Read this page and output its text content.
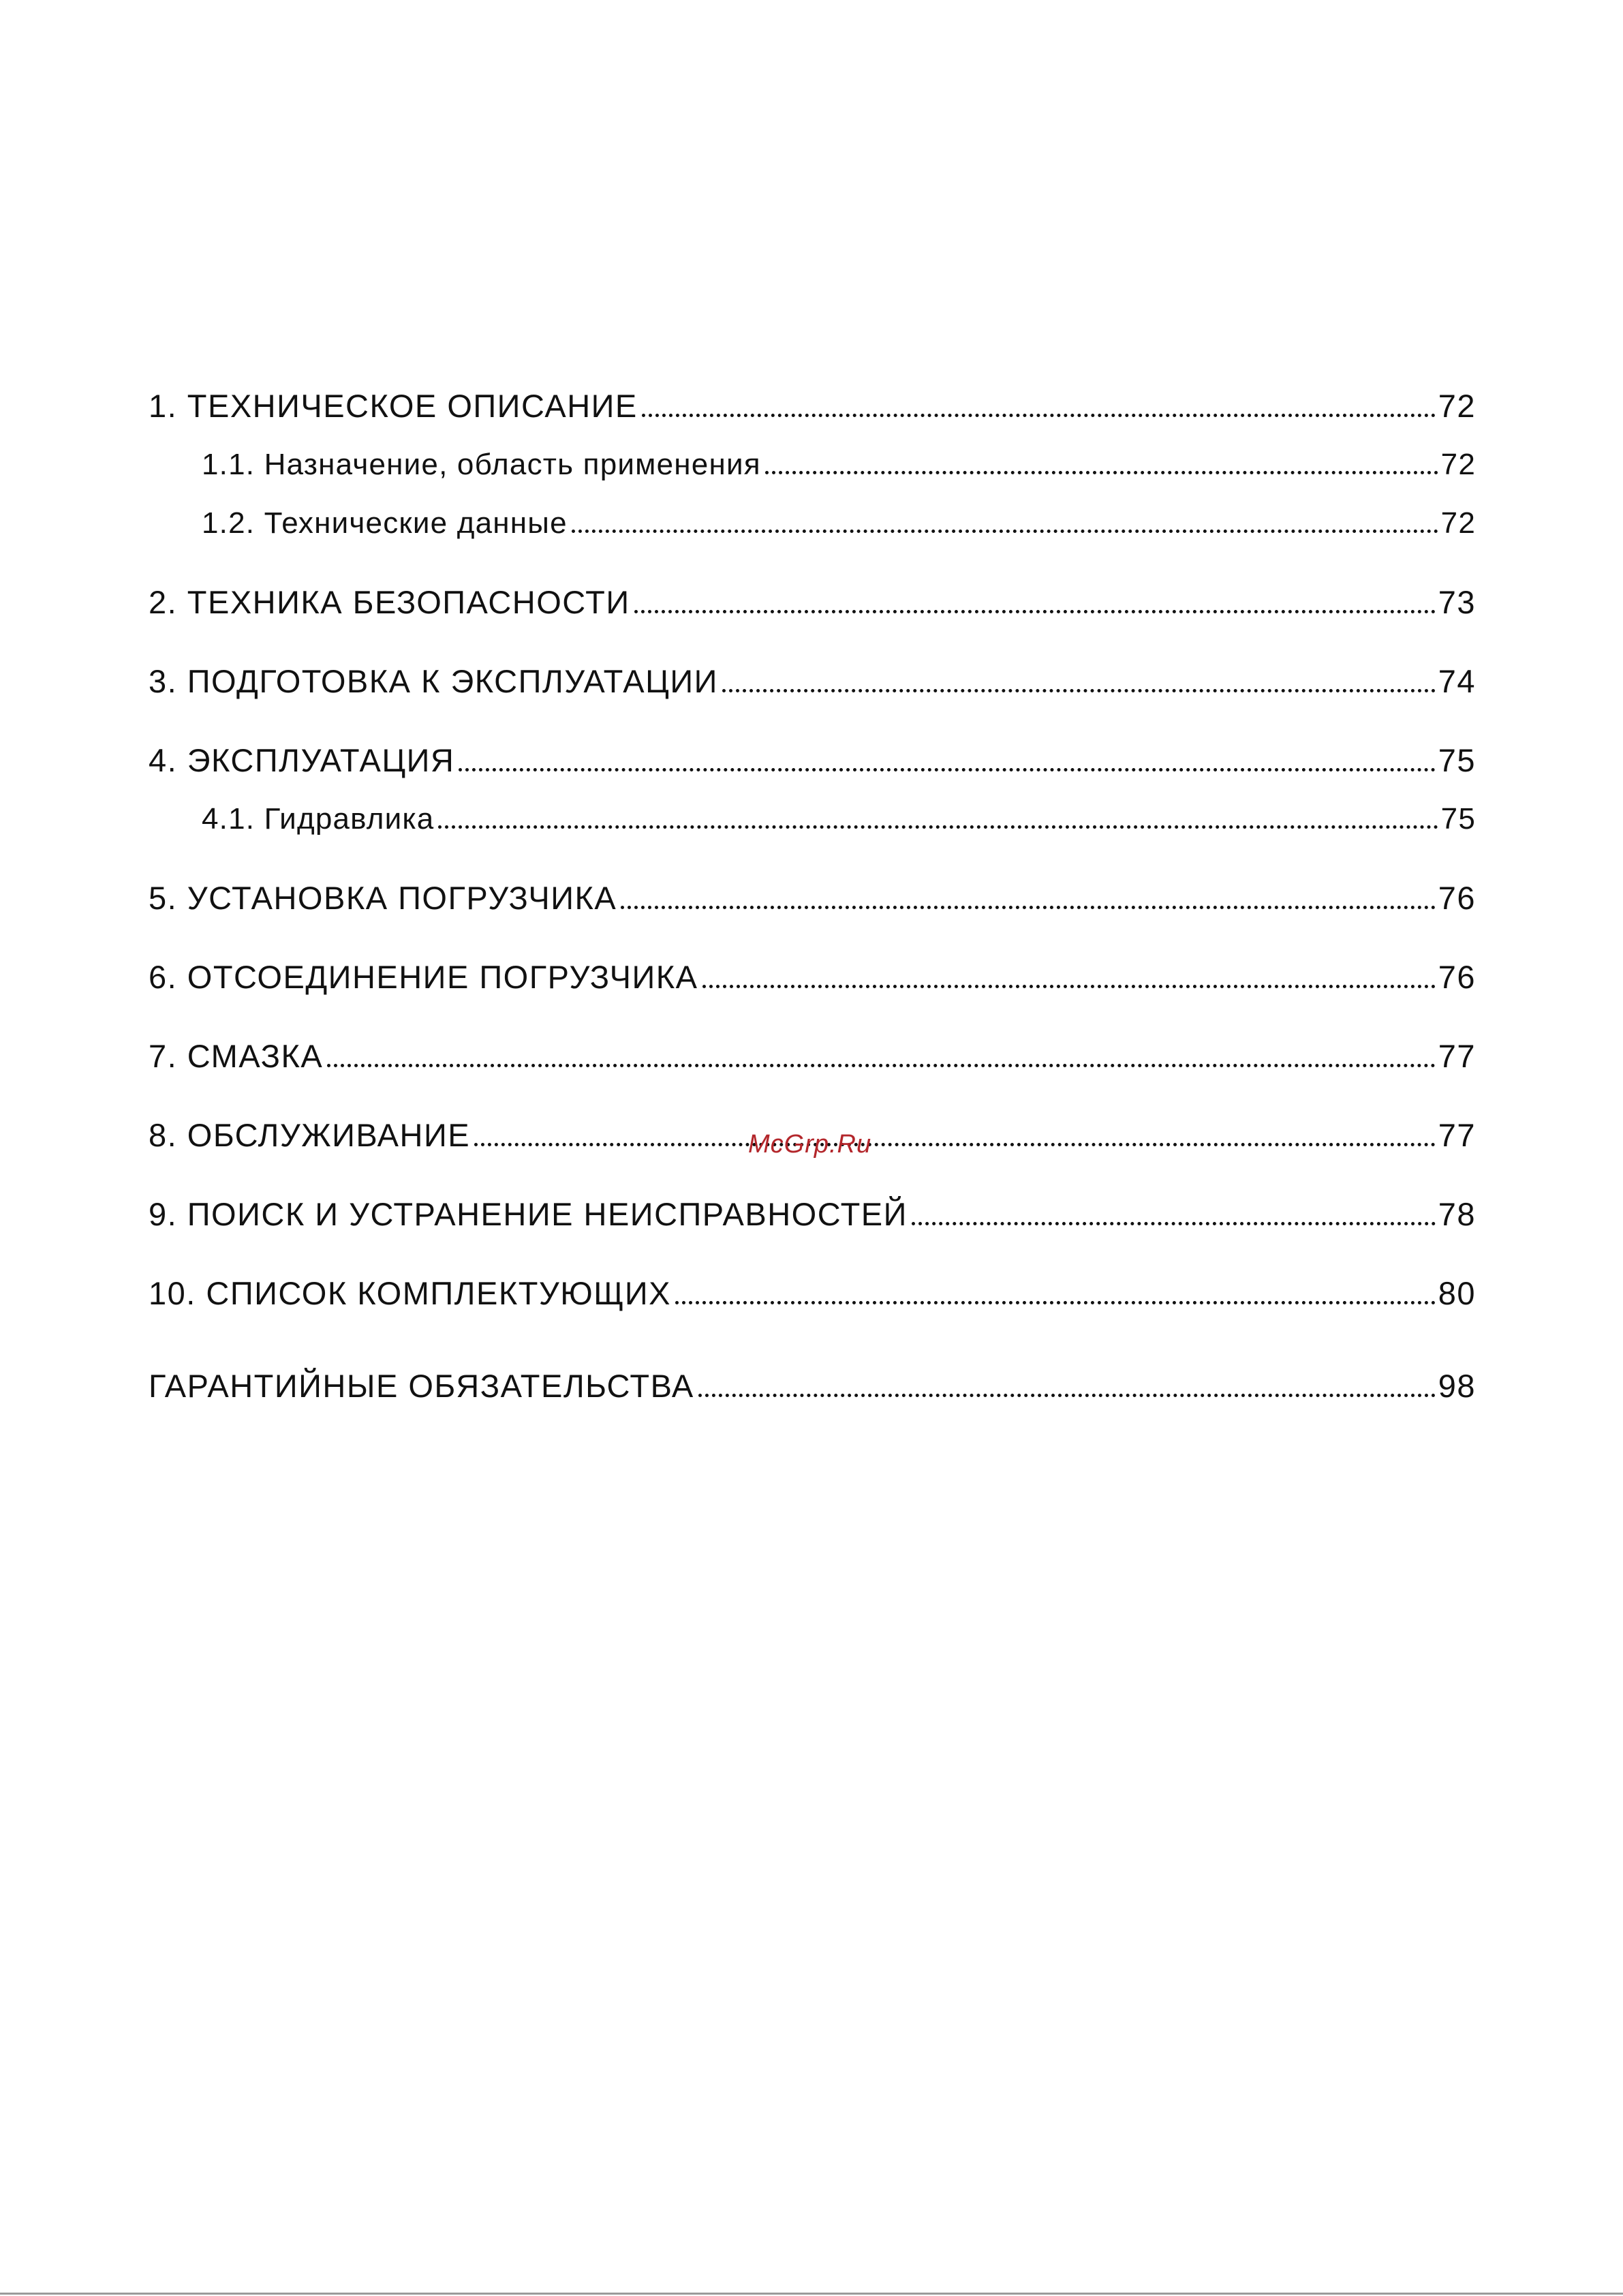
1. ТЕХНИЧЕСКОЕ ОПИСАНИЕ	72
1.1. Назначение, область применения	72
1.2. Технические данные	72
2. ТЕХНИКА БЕЗОПАСНОСТИ	73
3. ПОДГОТОВКА К ЭКСПЛУАТАЦИИ	74
4. ЭКСПЛУАТАЦИЯ	75
4.1. Гидравлика	75
5. УСТАНОВКА ПОГРУЗЧИКА	76
6. ОТСОЕДИНЕНИЕ ПОГРУЗЧИКА	76
7. СМАЗКА	77
8. ОБСЛУЖИВАНИЕ	77
9. ПОИСК И УСТРАНЕНИЕ НЕИСПРАВНОСТЕЙ	78
10. СПИСОК КОМПЛЕКТУЮЩИХ	80
ГАРАНТИЙНЫЕ ОБЯЗАТЕЛЬСТВА	98
McGrp.Ru
